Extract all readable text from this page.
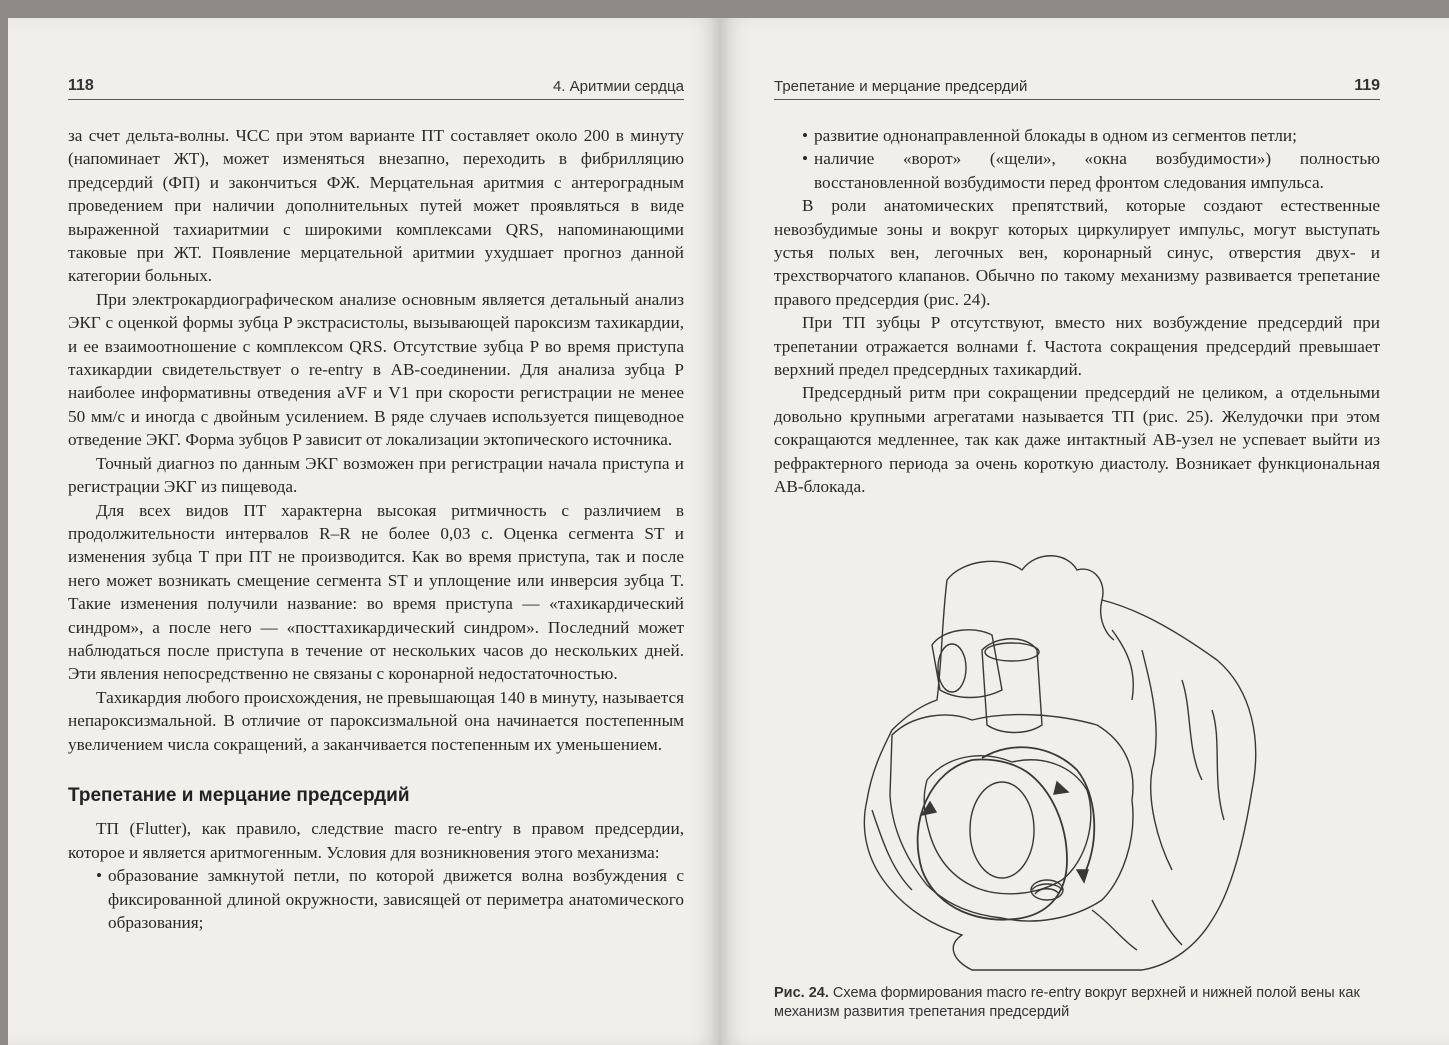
118	4. Аритмии сердца

за счет дельта-волны. ЧСС при этом варианте ПТ составляет около 200 в минуту (напоминает ЖТ), может изменяться внезапно, переходить в фибрилляцию предсердий (ФП) и закончиться ФЖ. Мерцательная аритмия с антероградным проведением при наличии дополнительных путей может проявляться в виде выраженной тахиаритмии с широкими комплексами QRS, напоминающими таковые при ЖТ. Появление мерцательной аритмии ухудшает прогноз данной категории больных.

При электрокардиографическом анализе основным является детальный анализ ЭКГ с оценкой формы зубца P экстрасистолы, вызывающей пароксизм тахикардии, и ее взаимоотношение с комплексом QRS. Отсутствие зубца P во время приступа тахикардии свидетельствует о re-entry в АВ-соединении. Для анализа зубца P наиболее информативны отведения aVF и V1 при скорости регистрации не менее 50 мм/с и иногда с двойным усилением. В ряде случаев используется пищеводное отведение ЭКГ. Форма зубцов P зависит от локализации эктопического источника.

Точный диагноз по данным ЭКГ возможен при регистрации начала приступа и регистрации ЭКГ из пищевода.

Для всех видов ПТ характерна высокая ритмичность с различием в продолжительности интервалов R–R не более 0,03 с. Оценка сегмента ST и изменения зубца T при ПТ не производится. Как во время приступа, так и после него может возникать смещение сегмента ST и уплощение или инверсия зубца T. Такие изменения получили название: во время приступа — «тахикардический синдром», а после него — «посттахикардический синдром». Последний может наблюдаться после приступа в течение от нескольких часов до нескольких дней. Эти явления непосредственно не связаны с коронарной недостаточностью.

Тахикардия любого происхождения, не превышающая 140 в минуту, называется непароксизмальной. В отличие от пароксизмальной она начинается постепенным увеличением числа сокращений, а заканчивается постепенным их уменьшением.

Трепетание и мерцание предсердий

ТП (Flutter), как правило, следствие macro re-entry в правом предсердии, которое и является аритмогенным. Условия для возникновения этого механизма:

• образование замкнутой петли, по которой движется волна возбуждения с фиксированной длиной окружности, зависящей от периметра анатомического образования;
Трепетание и мерцание предсердий	119
• развитие однонаправленной блокады в одном из сегментов петли;
• наличие «ворот» («щели», «окна возбудимости») полностью восстановленной возбудимости перед фронтом следования импульса.

В роли анатомических препятствий, которые создают естественные невозбудимые зоны и вокруг которых циркулирует импульс, могут выступать устья полых вен, легочных вен, коронарный синус, отверстия двух- и трехстворчатого клапанов. Обычно по такому механизму развивается трепетание правого предсердия (рис. 24).

При ТП зубцы P отсутствуют, вместо них возбуждение предсердий при трепетании отражается волнами f. Частота сокращения предсердий превышает верхний предел предсердных тахикардий.

Предсердный ритм при сокращении предсердий не целиком, а отдельными довольно крупными агрегатами называется ТП (рис. 25). Желудочки при этом сокращаются медленнее, так как даже интактный АВ-узел не успевает выйти из рефрактерного периода за очень короткую диастолу. Возникает функциональная АВ-блокада.

Рис. 24. Схема формирования macro re-entry вокруг верхней и нижней полой вены как механизм развития трепетания предсердий
